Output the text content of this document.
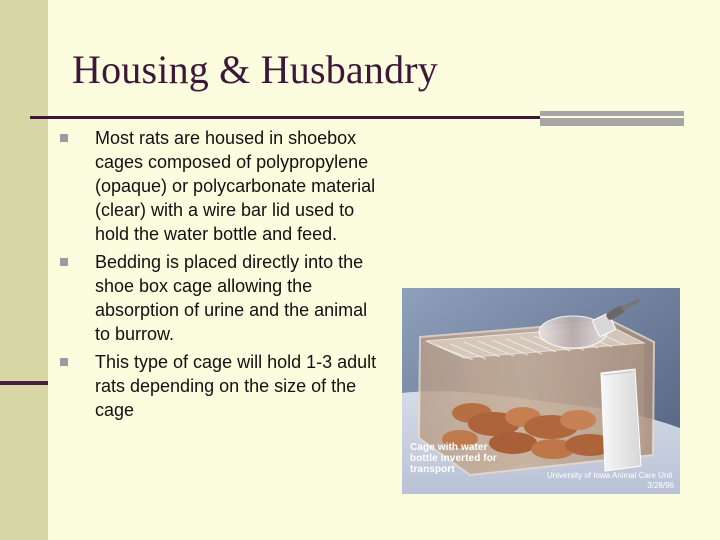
Housing & Husbandry
Most rats are housed in shoebox cages composed of polypropylene (opaque) or polycarbonate material (clear) with a wire bar lid used to hold the water bottle and feed.
Bedding is placed directly into the shoe box cage allowing the absorption of urine and the animal to burrow.
This type of cage will hold 1-3 adult rats depending on the size of the cage

Cage with water bottle inverted for transport

University of Iowa Animal Care Unit
3/28/96
